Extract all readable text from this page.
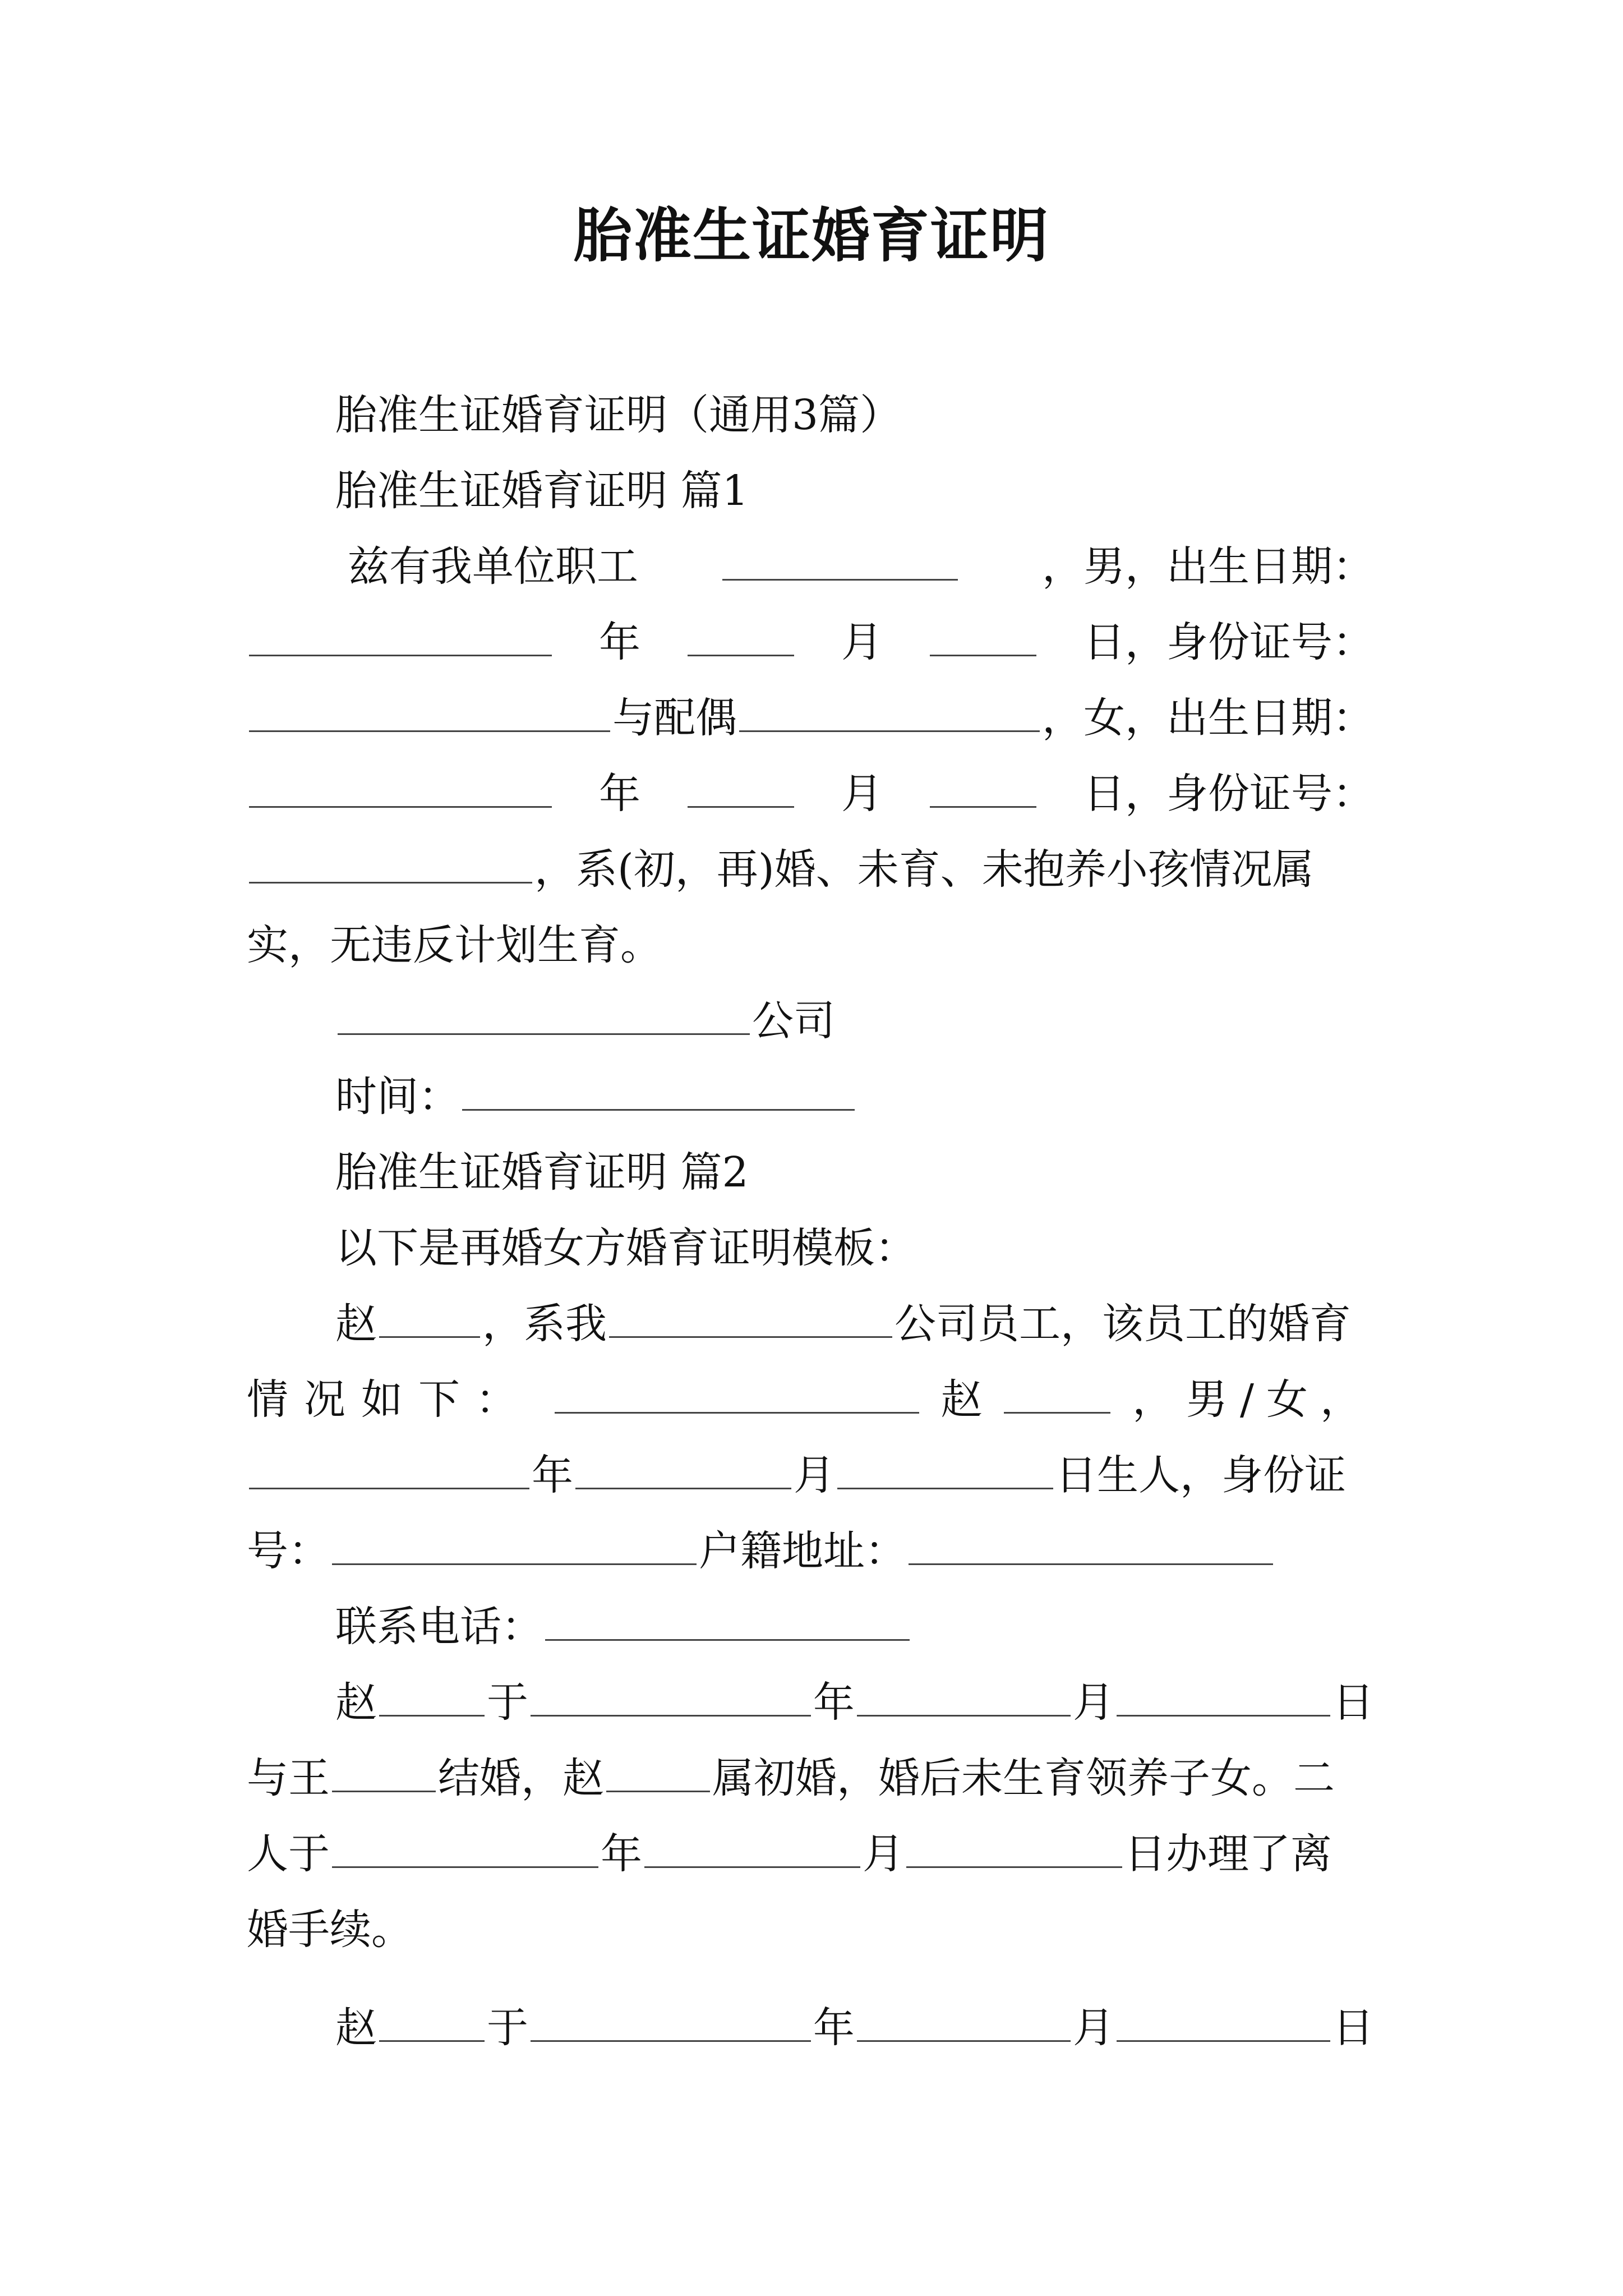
胎准生证婚育证明
胎准生证婚育证明（通用3篇）
胎准生证婚育证明 篇1
兹有我单位职工	，男，出生日期：
年	月	日，身份证号：
与配偶	，女，出生日期：
年	月	日，身份证号：
，系(初，再)婚、未育、未抱养小孩情况属
实，无违反计划生育。
公司
时间：
胎准生证婚育证明 篇2
以下是再婚女方婚育证明模板：
赵	，系我	公司员工，该员工的婚育
情况如下：	赵	，男/女，
年	月	日生人，身份证
号：	户籍地址：
联系电话：
赵	于	年	月	日
与王	结婚，赵	属初婚，婚后未生育领养子女。二
人于	年	月	日办理了离
婚手续。
赵	于	年	月	日
